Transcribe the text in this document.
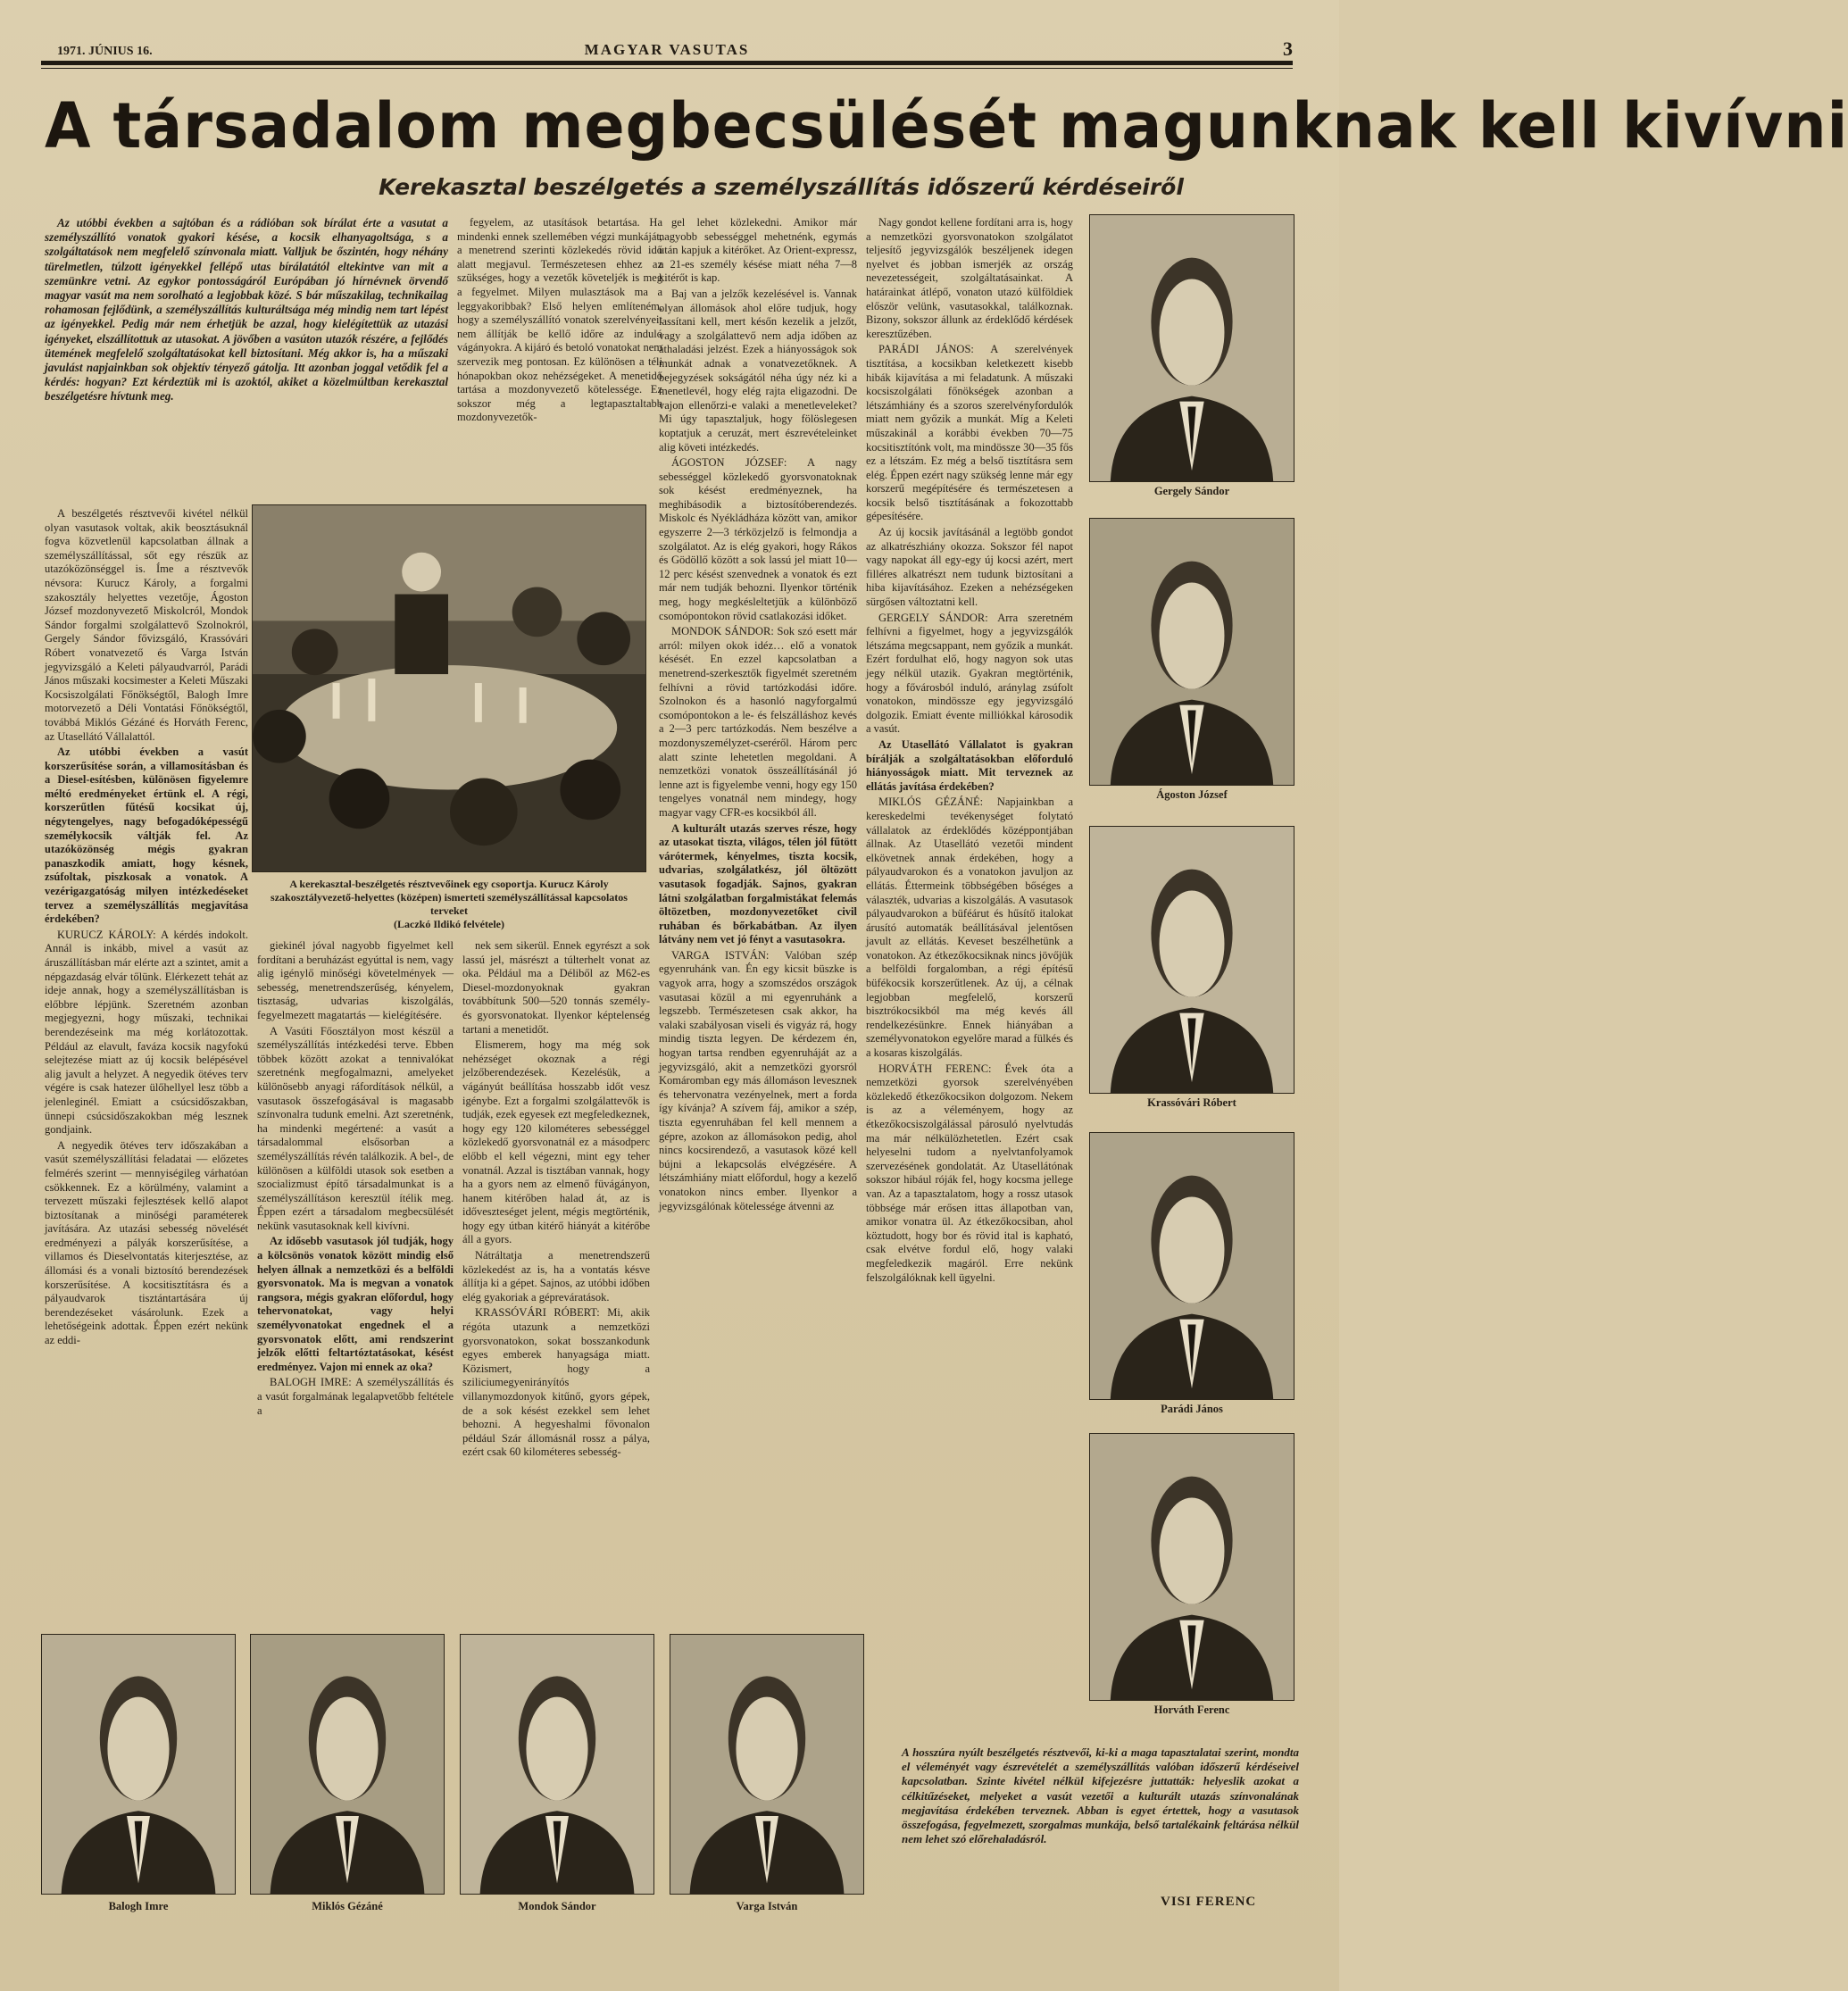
1971. JÚNIUS 16.	MAGYAR VASUTAS	3
A társadalom megbecsülését magunknak kell kivívni
Kerekasztal beszélgetés a személyszállítás időszerű kérdéseiről

Az utóbbi években a sajtóban és a rádióban sok bírálat érte a vasutat a személyszállító vonatok gyakori késése, a kocsik elhanyagoltsága, s a szolgáltatások nem megfelelő színvonala miatt. Valljuk be őszintén, hogy néhány türelmetlen, túlzott igényekkel fellépő utas bírálatától eltekintve van mit a szemünkre vetni. Az egykor pontosságáról Európában jó hírnévnek örvendő magyar vasút ma nem sorolható a legjobbak közé. S bár műszakilag, technikailag rohamosan fejlődünk, a személyszállítás kulturáltsága még mindig nem tart lépést az igényekkel. Pedig már nem érhetjük be azzal, hogy kielégítettük az utazási igényeket, elszállítottuk az utasokat. A jövőben a vasúton utazók részére, a fejlődés ütemének megfelelő szolgáltatásokat kell biztosítani. Még akkor is, ha a műszaki javulást napjainkban sok objektív tényező gátolja. Itt azonban joggal vetődik fel a kérdés: hogyan? Ezt kérdeztük mi is azoktól, akiket a közelmúltban kerekasztal beszélgetésre hívtunk meg.

A beszélgetés résztvevői kivétel nélkül olyan vasutasok voltak, akik beosztásuknál fogva közvetlenül kapcsolatban állnak a személyszállítással, sőt egy részük az utazóközönséggel is. Íme a résztvevők névsora: Kurucz Károly, a forgalmi szakosztály helyettes vezetője, Ágoston József mozdonyvezető Miskolcról, Mondok Sándor forgalmi szolgálattevő Szolnokról, Gergely Sándor fővizsgáló, Krassóvári Róbert vonatvezető és Varga István jegyvizsgáló a Keleti pályaudvarról, Parádi János műszaki kocsimester a Keleti Műszaki Kocsiszolgálati Főnökségtől, Balogh Imre motorvezető a Déli Vontatási Főnökségtől, továbbá Miklós Gézáné és Horváth Ferenc, az Utasellátó Vállalattól.

Az utóbbi években a vasút korszerűsítése során, a villamosításban és a Diesel-esítésben, különösen figyelemre méltó eredményeket értünk el. A régi, korszerűtlen fűtésű kocsikat új, négytengelyes, nagy befogadóképességű személykocsik váltják fel. Az utazóközönség mégis gyakran panaszkodik amiatt, hogy késnek, zsúfoltak, piszkosak a vonatok. A vezérigazgatóság milyen intézkedéseket tervez a személyszállítás megjavítása érdekében?

KURUCZ KÁROLY: A kérdés indokolt. Annál is inkább, mivel a vasút az áruszállításban már elérte azt a szintet, amit a népgazdaság elvár tőlünk. Elérkezett tehát az ideje annak, hogy a személyszállításban is előbbre lépjünk. Szeretném azonban megjegyezni, hogy műszaki, technikai berendezéseink ma még korlátozottak. Például az elavult, faváza kocsik nagyfokú selejtezése miatt az új kocsik belépésével alig javult a helyzet. A negyedik ötéves terv végére is csak hatezer ülőhellyel lesz több a jelenleginél. Emiatt a csúcsidőszakban, ünnepi csúcsidőszakokban még lesznek gondjaink.

A negyedik ötéves terv időszakában a vasút személyszállítási feladatai — előzetes felmérés szerint — mennyiségileg várhatóan csökkennek. Ez a körülmény, valamint a tervezett műszaki fejlesztések kellő alapot biztosítanak a minőségi paraméterek javítására. Az utazási sebesség növelését eredményezi a pályák korszerűsítése, a villamos és Dieselvontatás kiterjesztése, az állomási és a vonali biztosító berendezések korszerűsítése. A kocsitisztításra és a pályaudvarok tisztántartására új berendezéseket vásárolunk. Ezek a lehetőségeink adottak. Éppen ezért nekünk az eddi-

fegyelem, az utasítások betartása. Ha mindenki ennek szellemében végzi munkáját, a menetrend szerinti közlekedés rövid idő alatt megjavul. Természetesen ehhez az szükséges, hogy a vezetők követeljék is meg a fegyelmet. Milyen mulasztások ma a leggyakoribbak? Első helyen említeném, hogy a személyszállító vonatok szerelvényeit nem állítják be kellő időre az induló vágányokra. A kijáró és betoló vonatokat nem szervezik meg pontosan. Ez különösen a téli hónapokban okoz nehézségeket. A menetidő tartása a mozdonyvezető kötelessége. Ez sokszor még a legtapasztaltabb mozdonyvezetők-

A kerekasztal-beszélgetés résztvevőinek egy csoportja. Kurucz Károly szakosztályvezető-helyettes (középen) ismerteti személyszállítással kapcsolatos terveket
(Laczkó Ildikó felvétele)

giekinél jóval nagyobb figyelmet kell fordítani a beruházást egyúttal is nem, vagy alig igénylő minőségi követelmények — sebesség, menetrendszerűség, kényelem, tisztaság, udvarias kiszolgálás, fegyelmezett magatartás — kielégítésére.

A Vasúti Főosztályon most készül a személyszállítás intézkedési terve. Ebben többek között azokat a tennivalókat szeretnénk megfogalmazni, amelyeket különösebb anyagi ráfordítások nélkül, a vasutasok összefogásával is magasabb színvonalra tudunk emelni. Azt szeretnénk, ha mindenki megértené: a vasút a társadalommal elsősorban a személyszállítás révén találkozik. A bel-, de különösen a külföldi utasok sok esetben a szocializmust építő társadalmunkat is a személyszállításon keresztül ítélik meg. Éppen ezért a társadalom megbecsülését nekünk vasutasoknak kell kivívni.

Az idősebb vasutasok jól tudják, hogy a kölcsönös vonatok között mindig első helyen állnak a nemzetközi és a belföldi gyorsvonatok. Ma is megvan a vonatok rangsora, mégis gyakran előfordul, hogy tehervonatokat, vagy helyi személyvonatokat engednek el a gyorsvonatok előtt, ami rendszerint jelzők előtti feltartóztatásokat, késést eredményez. Vajon mi ennek az oka?

BALOGH IMRE: A személyszállítás és a vasút forgalmának legalapvetőbb feltétele a

nek sem sikerül. Ennek egyrészt a sok lassú jel, másrészt a túlterhelt vonat az oka. Például ma a Déliből az M62-es Diesel-mozdonyoknak gyakran továbbítunk 500—520 tonnás személy- és gyorsvonatokat. Ilyenkor képtelenség tartani a menetidőt.

Elismerem, hogy ma még sok nehézséget okoznak a régi jelzőberendezések. Kezelésük, a vágányút beállítása hosszabb időt vesz igénybe. Ezt a forgalmi szolgálattevők is tudják, ezek egyesek ezt megfeledkeznek, hogy egy 120 kilométeres sebességgel közlekedő gyorsvonatnál ez a másodperc előbb el kell végezni, mint egy teher vonatnál. Azzal is tisztában vannak, hogy ha a gyors nem az elmenő füvágányon, hanem kitérőben halad át, az is időveszteséget jelent, mégis megtörténik, hogy egy útban kitérő hiányát a kitérőbe áll a gyors.

Nátráltatja a menetrendszerű közlekedést az is, ha a vontatás késve állítja ki a gépet. Sajnos, az utóbbi időben elég gyakoriak a gépreváratások.

KRASSÓVÁRI RÓBERT: Mi, akik régóta utazunk a nemzetközi gyorsvonatokon, sokat bosszankodunk egyes emberek hanyagsága miatt. Közismert, hogy a sziliciumegyenirányítós villanymozdonyok kitűnő, gyors gépek, de a sok késést ezekkel sem lehet behozni. A hegyeshalmi fővonalon például Szár állomásnál rossz a pálya, ezért csak 60 kilométeres sebesség-

gel lehet közlekedni. Amikor már nagyobb sebességgel mehetnénk, egymás után kapjuk a kitérőket. Az Orient-expressz, a 21-es személy késése miatt néha 7—8 kitérőt is kap.

Baj van a jelzők kezelésével is. Vannak olyan állomások ahol előre tudjuk, hogy lassítani kell, mert későn kezelik a jelzőt, vagy a szolgálattevő nem adja időben az áthaladási jelzést. Ezek a hiányosságok sok munkát adnak a vonatvezetőknek. A bejegyzések sokságától néha úgy néz ki a menetlevél, hogy elég rajta eligazodni. De vajon ellenőrzi-e valaki a menetleveleket? Mi úgy tapasztaljuk, hogy fölöslegesen koptatjuk a ceruzát, mert észrevételeinket alig követi intézkedés.

ÁGOSTON JÓZSEF: A nagy sebességgel közlekedő gyorsvonatoknak sok késést eredményeznek, ha meghibásodik a biztosítóberendezés. Miskolc és Nyékládháza között van, amikor egyszerre 2—3 térközjelző is felmondja a szolgálatot. Az is elég gyakori, hogy Rákos és Gödöllő között a sok lassú jel miatt 10—12 perc késést szenvednek a vonatok és ezt már nem tudják behozni. Ilyenkor történik meg, hogy megkésleltetjük a különböző csomópontokon rövid csatlakozási időket.

MONDOK SÁNDOR: Sok szó esett már arról: milyen okok idéz… elő a vonatok késését. En ezzel kapcsolatban a menetrend-szerkesztők figyelmét szeretném felhívni a rövid tartózkodási időre. Szolnokon és a hasonló nagyforgalmú csomópontokon a le- és felszálláshoz kevés a 2—3 perc tartózkodás. Nem beszélve a mozdonyszemélyzet-cseréről. Három perc alatt szinte lehetetlen megoldani. A nemzetközi vonatok összeállításánál jó lenne azt is figyelembe venni, hogy egy 150 tengelyes vonatnál nem mindegy, hogy magyar vagy CFR-es kocsikból áll.

A kulturált utazás szerves része, hogy az utasokat tiszta, világos, télen jól fűtött várótermek, kényelmes, tiszta kocsik, udvarias, szolgálatkész, jól öltözött vasutasok fogadják. Sajnos, gyakran látni szolgálatban forgalmistákat felemás öltözetben, mozdonyvezetőket civil ruhában és bőrkabátban. Az ilyen látvány nem vet jó fényt a vasutasokra.

VARGA ISTVÁN: Valóban szép egyenruhánk van. Én egy kicsit büszke is vagyok arra, hogy a szomszédos országok vasutasai közül a mi egyenruhánk a legszebb. Természetesen csak akkor, ha valaki szabályosan viseli és vigyáz rá, hogy mindig tiszta legyen. De kérdezem én, hogyan tartsa rendben egyenruháját az a jegyvizsgáló, akit a nemzetközi gyorsról Komáromban egy más állomáson levesznek és tehervonatra vezényelnek, mert a forda így kívánja? A szívem fáj, amikor a szép, tiszta egyenruhában fel kell mennem a gépre, azokon az állomásokon pedig, ahol nincs kocsirendező, a vasutasok közé kell bújni a lekapcsolás elvégzésére. A létszámhiány miatt előfordul, hogy a kezelő vonatokon nincs ember. Ilyenkor a jegyvizsgálónak kötelessége átvenni az

Nagy gondot kellene fordítani arra is, hogy a nemzetközi gyorsvonatokon szolgálatot teljesítő jegyvizsgálók beszéljenek idegen nyelvet és jobban ismerjék az ország nevezetességeit, szolgáltatásainkat. A határainkat átlépő, vonaton utazó külföldiek először velünk, vasutasokkal, találkoznak. Bizony, sokszor állunk az érdeklődő kérdések keresztűzében.

PARÁDI JÁNOS: A szerelvények tisztítása, a kocsikban keletkezett kisebb hibák kijavítása a mi feladatunk. A műszaki kocsiszolgálati főnökségek azonban a létszámhiány és a szoros szerelvényfordulók miatt nem győzik a munkát. Míg a Keleti műszakinál a korábbi években 70—75 kocsitisztítónk volt, ma mindössze 30—35 fős ez a létszám. Ez még a belső tisztításra sem elég. Éppen ezért nagy szükség lenne már egy korszerű megépítésére és természetesen a kocsik belső tisztításának a fokozottabb gépesítésére.

Az új kocsik javításánál a legtöbb gondot az alkatrészhiány okozza. Sokszor fél napot vagy napokat áll egy-egy új kocsi azért, mert filléres alkatrészt nem tudunk biztosítani a hiba kijavításához. Ezeken a nehézségeken sürgősen változtatni kell.

GERGELY SÁNDOR: Arra szeretném felhívni a figyelmet, hogy a jegyvizsgálók létszáma megcsappant, nem győzik a munkát. Ezért fordulhat elő, hogy nagyon sok utas jegy nélkül utazik. Gyakran megtörténik, hogy a fővárosból induló, aránylag zsúfolt vonatokon, mindössze egy jegyvizsgáló dolgozik. Emiatt évente milliókkal károsodik a vasút.

Az Utasellátó Vállalatot is gyakran bírálják a szolgáltatásokban előforduló hiányosságok miatt. Mit terveznek az ellátás javítása érdekében?

MIKLÓS GÉZÁNÉ: Napjainkban a kereskedelmi tevékenységet folytató vállalatok az érdeklődés középpontjában állnak. Az Utasellátó vezetői mindent elkövetnek annak érdekében, hogy a pályaudvarokon és a vonatokon javuljon az ellátás. Éttermeink többségében bőséges a választék, udvarias a kiszolgálás. A vasutasok pályaudvarokon a büféárut és hűsítő italokat árusító automaták beállításával jelentősen javult az ellátás. Keveset beszélhetünk a vonatokon. Az étkezőkocsiknak nincs jövőjük a belföldi forgalomban, a régi építésű büfékocsik korszerűtlenek. Az új, a célnak legjobban megfelelő, korszerű bisztrókocsikból ma még kevés áll rendelkezésünkre. Ennek hiányában a személyvonatokon egyelőre marad a fülkés és a kosaras kiszolgálás.

HORVÁTH FERENC: Évek óta a nemzetközi gyorsok szerelvényében közlekedő étkezőkocsikon dolgozom. Nekem is az a véleményem, hogy az étkezőkocsiszolgálással párosuló nyelvtudás ma már nélkülözhetetlen. Ezért csak helyeselni tudom a nyelvtanfolyamok szervezésének gondolatát. Az Utasellátónak sokszor hibául róják fel, hogy kocsma jellege van. Az a tapasztalatom, hogy a rossz utasok többsége már erősen ittas állapotban van, amikor vonatra ül. Az étkezőkocsiban, ahol köztudott, hogy bor és rövid ital is kapható, csak elvétve fordul elő, hogy valaki megfeledkezik magáról. Erre nekünk felszolgálóknak kell ügyelni.

Gergely Sándor
Ágoston József
Krassóvári Róbert
Parádi János
Horváth Ferenc
Balogh Imre	Miklós Gézáné	Mondok Sándor	Varga István

A hosszúra nyúlt beszélgetés résztvevői, ki-ki a maga tapasztalatai szerint, mondta el véleményét vagy észrevételét a személyszállítás valóban időszerű kérdéseivel kapcsolatban. Szinte kivétel nélkül kifejezésre juttatták: helyeslik azokat a célkitűzéseket, melyeket a vasút vezetői a kulturált utazás színvonalának megjavítása érdekében terveznek. Abban is egyet értettek, hogy a vasutasok összefogása, fegyelmezett, szorgalmas munkája, belső tartalékaink feltárása nélkül nem lehet szó előrehaladásról.

VISI FERENC
